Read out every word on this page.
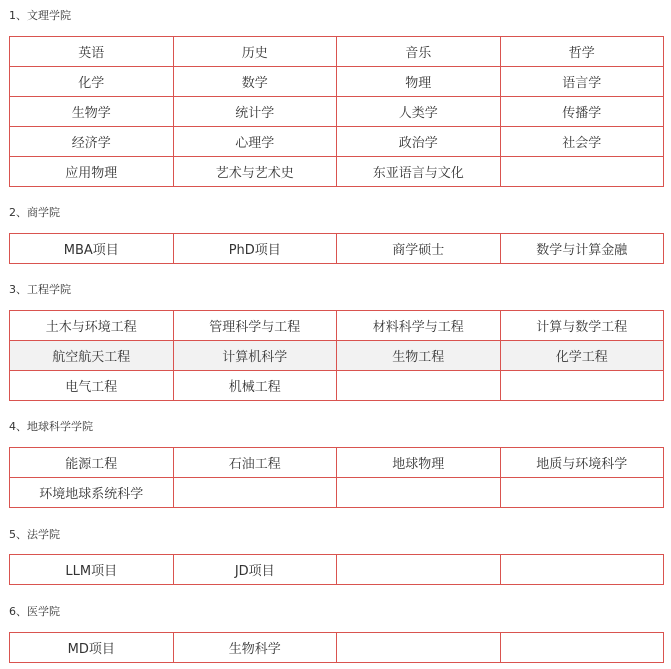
1、文理学院
英语	历史	音乐	哲学
化学	数学	物理	语言学
生物学	统计学	人类学	传播学
经济学	心理学	政治学	社会学
应用物理	艺术与艺术史	东亚语言与文化	
2、商学院
MBA项目	PhD项目	商学硕士	数学与计算金融
3、工程学院
土木与环境工程	管理科学与工程	材料科学与工程	计算与数学工程
航空航天工程	计算机科学	生物工程	化学工程
电气工程	机械工程		
4、地球科学学院
能源工程	石油工程	地球物理	地质与环境科学
环境地球系统科学			
5、法学院
LLM项目	JD项目		
6、医学院
MD项目	生物科学		
